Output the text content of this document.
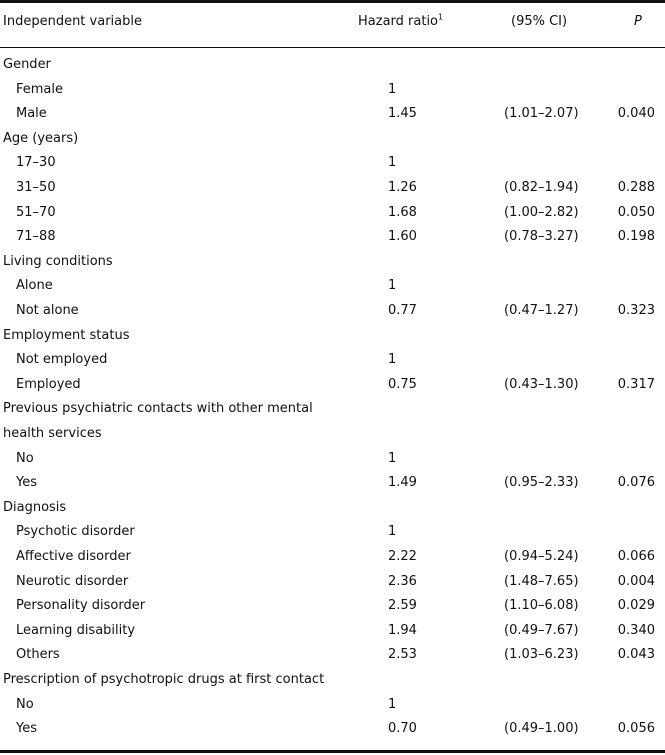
Independent variable	Hazard ratio$^1$	(95% CI)	P
Gender
Female	1
Male	1.45	(1.01–2.07)	0.040
Age (years)
17–30	1
31–50	1.26	(0.82–1.94)	0.288
51–70	1.68	(1.00–2.82)	0.050
71–88	1.60	(0.78–3.27)	0.198
Living conditions
Alone	1
Not alone	0.77	(0.47–1.27)	0.323
Employment status
Not employed	1
Employed	0.75	(0.43–1.30)	0.317
Previous psychiatric contacts with other mental
health services
No	1
Yes	1.49	(0.95–2.33)	0.076
Diagnosis
Psychotic disorder	1
Affective disorder	2.22	(0.94–5.24)	0.066
Neurotic disorder	2.36	(1.48–7.65)	0.004
Personality disorder	2.59	(1.10–6.08)	0.029
Learning disability	1.94	(0.49–7.67)	0.340
Others	2.53	(1.03–6.23)	0.043
Prescription of psychotropic drugs at first contact
No	1
Yes	0.70	(0.49–1.00)	0.056
